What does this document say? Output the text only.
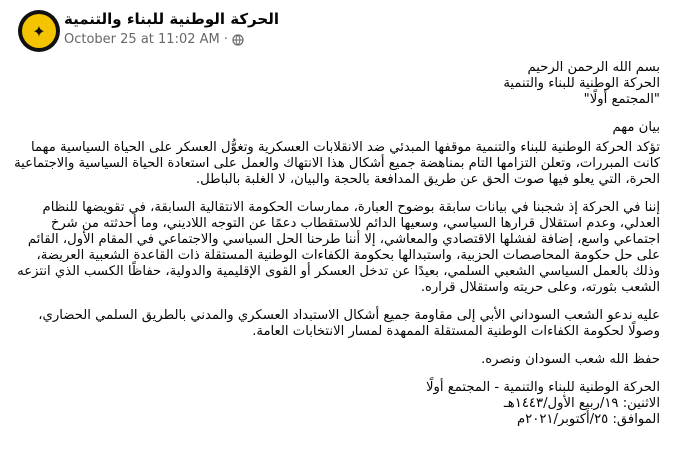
✦
الحركة الوطنية للبناء والتنمية
October 25 at 11:02 AM ·

بسم الله الرحمن الرحيم
الحركة الوطنية للبناء والتنمية
"المجتمع أولًا"

بيان مهم

تؤكد الحركة الوطنية للبناء والتنمية موقفها المبدئي ضد الانقلابات العسكرية وتغوُّل العسكر على الحياة السياسية مهما كانت المبررات، وتعلن التزامها التام بمناهضة جميع أشكال هذا الانتهاك والعمل على استعادة الحياة السياسية والاجتماعية الحرة، التي يعلو فيها صوت الحق عن طريق المدافعة بالحجة والبيان، لا الغلبة بالباطل.

إننا في الحركة إذ شجبنا في بيانات سابقة بوضوح العبارة، ممارسات الحكومة الانتقالية السابقة، في تقويضها للنظام العدلي، وعدم استقلال قرارها السياسي، وسعيها الدائم للاستقطاب دعمًا عن التوجه اللاديني، وما أحدثته من شرخ اجتماعي واسع، إضافة لفشلها الاقتصادي والمعاشي، إلا أننا طرحنا الحل السياسي والاجتماعي في المقام الأول، القائم على حل حكومة المحاصصات الحزبية، واستبدالها بحكومة الكفاءات الوطنية المستقلة ذات القاعدة الشعبية العريضة، وذلك بالعمل السياسي الشعبي السلمي، بعيدًا عن تدخل العسكر أو القوى الإقليمية والدولية، حفاظًا الكسب الذي انتزعه الشعب بثورته، وعلى حريته واستقلال قراره.

عليه ندعو الشعب السوداني الأبي إلى مقاومة جميع أشكال الاستبداد العسكري والمدني بالطريق السلمي الحضاري، وصولًا لحكومة الكفاءات الوطنية المستقلة الممهدة لمسار الانتخابات العامة.

حفظ الله شعب السودان ونصره.

الحركة الوطنية للبناء والتنمية - المجتمع أولًا
الاثنين: ١٩/ربيع الأول/١٤٤٣هـ
الموافق: ٢٥/أكتوبر/٢٠٢١م
